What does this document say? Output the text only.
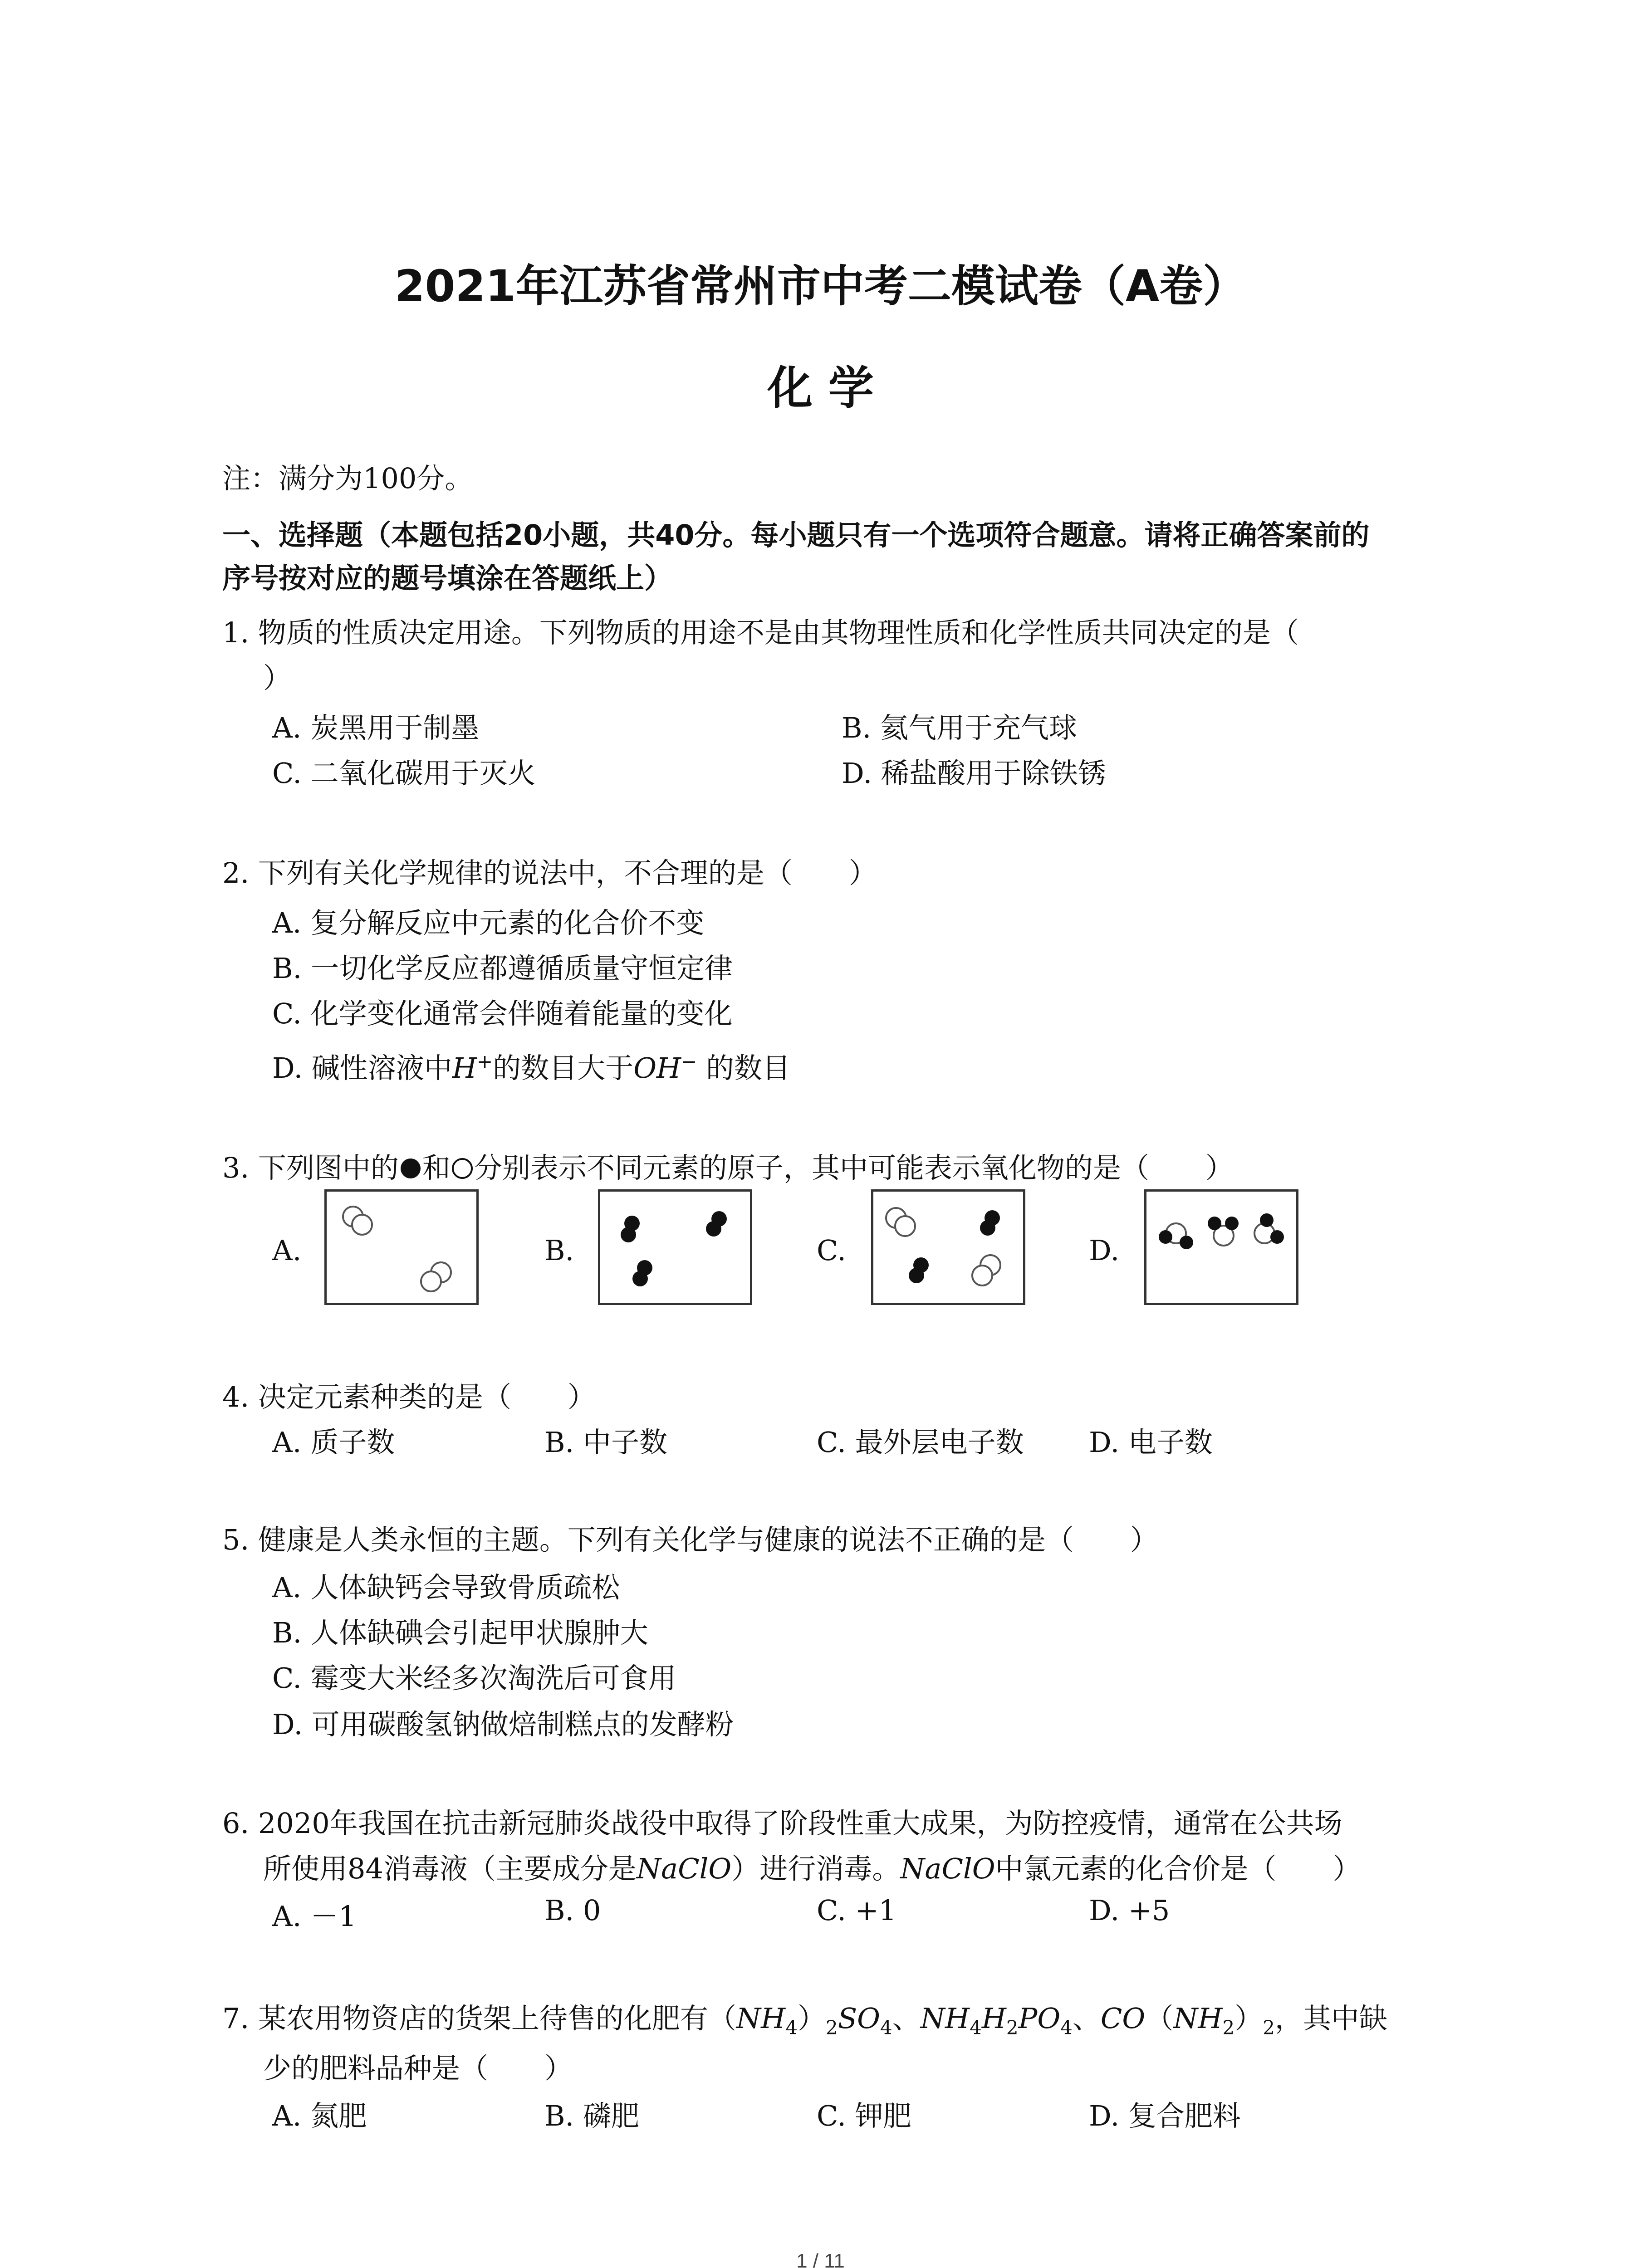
2021年江苏省常州市中考二模试卷（A卷）
化 学
注：满分为100分。
一、选择题（本题包括20小题，共40分。每小题只有一个选项符合题意。请将正确答案前的
序号按对应的题号填涂在答题纸上）
1. 物质的性质决定用途。下列物质的用途不是由其物理性质和化学性质共同决定的是（
）
A. 炭黑用于制墨	B. 氦气用于充气球
C. 二氧化碳用于灭火	D. 稀盐酸用于除铁锈
2. 下列有关化学规律的说法中，不合理的是（　　）
A. 复分解反应中元素的化合价不变
B. 一切化学反应都遵循质量守恒定律
C. 化学变化通常会伴随着能量的变化
D. 碱性溶液中H+的数目大于OH− 的数目
3. 下列图中的 和 分别表示不同元素的原子，其中可能表示氧化物的是（　　）
A.	B.	C.	D.
4. 决定元素种类的是（　　）
A. 质子数	B. 中子数	C. 最外层电子数 D. 电子数
5. 健康是人类永恒的主题。下列有关化学与健康的说法不正确的是（　　）
A. 人体缺钙会导致骨质疏松
B. 人体缺碘会引起甲状腺肿大
C. 霉变大米经多次淘洗后可食用
D. 可用碳酸氢钠做焙制糕点的发酵粉
6. 2020年我国在抗击新冠肺炎战役中取得了阶段性重大成果，为防控疫情，通常在公共场
所使用84消毒液（主要成分是NaClO）进行消毒。NaClO中氯元素的化合价是（　　）
A. －1	B. 0	C. +1	D. +5
7. 某农用物资店的货架上待售的化肥有$(NH_4)_2SO_4$、$NH_4H_2PO_4$、$CO(NH_2)_2$，其中缺
少的肥料品种是（　　）
A. 氮肥	B. 磷肥	C. 钾肥	D. 复合肥料
1 / 11
